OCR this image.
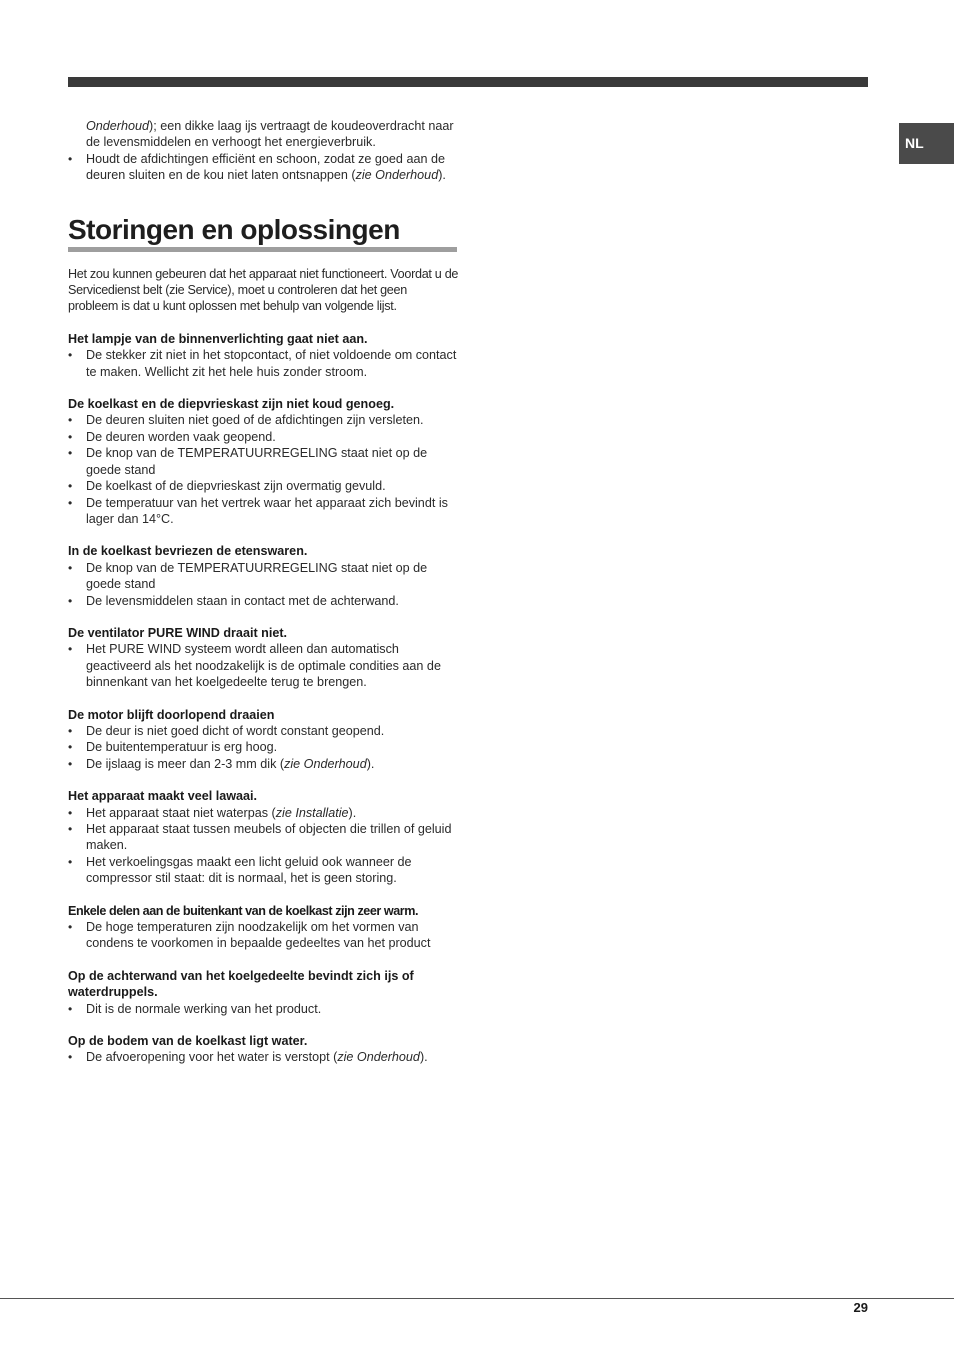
NL
Onderhoud); een dikke laag ijs vertraagt de koudeoverdracht naar de levensmiddelen en verhoogt het energieverbruik.
• Houdt de afdichtingen efficiënt en schoon, zodat ze goed aan de deuren sluiten en de kou niet laten ontsnappen (zie Onderhoud).
Storingen en oplossingen

Het zou kunnen gebeuren dat het apparaat niet functioneert. Voordat u de Servicedienst belt (zie Service), moet u controleren dat het geen probleem is dat u kunt oplossen met behulp van volgende lijst.

Het lampje van de binnenverlichting gaat niet aan.
• De stekker zit niet in het stopcontact, of niet voldoende om contact te maken. Wellicht zit het hele huis zonder stroom.
De koelkast en de diepvrieskast zijn niet koud genoeg.
• De deuren sluiten niet goed of de afdichtingen zijn versleten.
• De deuren worden vaak geopend.
• De knop van de TEMPERATUURREGELING staat niet op de goede stand
• De koelkast of de diepvrieskast zijn overmatig gevuld.
• De temperatuur van het vertrek waar het apparaat zich bevindt is lager dan 14°C.
In de koelkast bevriezen de etenswaren.
• De knop van de TEMPERATUURREGELING staat niet op de goede stand
• De levensmiddelen staan in contact met de achterwand.
De ventilator PURE WIND draait niet.
• Het PURE WIND systeem wordt alleen dan automatisch geactiveerd als het noodzakelijk is de optimale condities aan de binnenkant van het koelgedeelte terug te brengen.
De motor blijft doorlopend draaien
• De deur is niet goed dicht of wordt constant geopend.
• De buitentemperatuur is erg hoog.
• De ijslaag is meer dan 2-3 mm dik (zie Onderhoud).
Het apparaat maakt veel lawaai.
• Het apparaat staat niet waterpas (zie Installatie).
• Het apparaat staat tussen meubels of objecten die trillen of geluid maken.
• Het verkoelingsgas maakt een licht geluid ook wanneer de compressor stil staat: dit is normaal, het is geen storing.
Enkele delen aan de buitenkant van de koelkast zijn zeer warm.
• De hoge temperaturen zijn noodzakelijk om het vormen van condens te voorkomen in bepaalde gedeeltes van het product
Op de achterwand van het koelgedeelte bevindt zich ijs of waterdruppels.
• Dit is de normale werking van het product.
Op de bodem van de koelkast ligt water.
• De afvoeropening voor het water is verstopt (zie Onderhoud).
29
